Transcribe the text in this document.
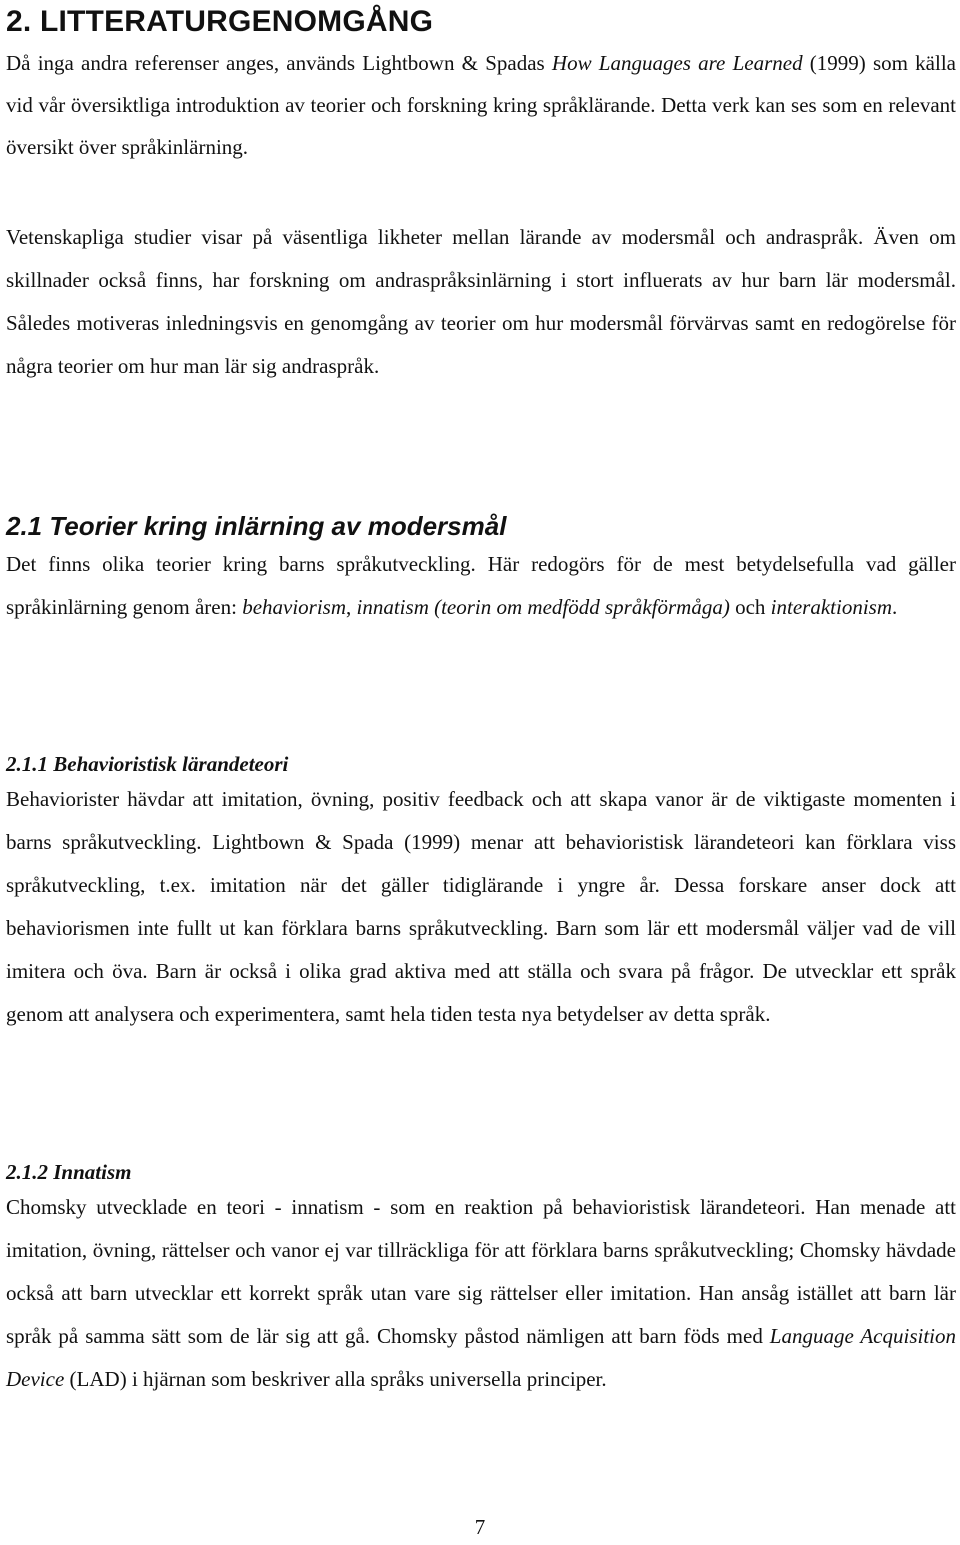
2. LITTERATURGENOMGÅNG

Då inga andra referenser anges, används Lightbown & Spadas How Languages are Learned (1999) som källa vid vår översiktliga introduktion av teorier och forskning kring språklärande. Detta verk kan ses som en relevant översikt över språkinlärning.

Vetenskapliga studier visar på väsentliga likheter mellan lärande av modersmål och andraspråk. Även om skillnader också finns, har forskning om andraspråksinlärning i stort influerats av hur barn lär modersmål. Således motiveras inledningsvis en genomgång av teorier om hur modersmål förvärvas samt en redogörelse för några teorier om hur man lär sig andraspråk.

2.1 Teorier kring inlärning av modersmål

Det finns olika teorier kring barns språkutveckling. Här redogörs för de mest betydelsefulla vad gäller språkinlärning genom åren: behaviorism, innatism (teorin om medfödd språkförmåga) och interaktionism.

2.1.1 Behavioristisk lärandeteori

Behaviorister hävdar att imitation, övning, positiv feedback och att skapa vanor är de viktigaste momenten i barns språkutveckling. Lightbown & Spada (1999) menar att behavioristisk lärandeteori kan förklara viss språkutveckling, t.ex. imitation när det gäller tidiglärande i yngre år. Dessa forskare anser dock att behaviorismen inte fullt ut kan förklara barns språkutveckling. Barn som lär ett modersmål väljer vad de vill imitera och öva. Barn är också i olika grad aktiva med att ställa och svara på frågor. De utvecklar ett språk genom att analysera och experimentera, samt hela tiden testa nya betydelser av detta språk.

2.1.2 Innatism

Chomsky utvecklade en teori - innatism - som en reaktion på behavioristisk lärandeteori. Han menade att imitation, övning, rättelser och vanor ej var tillräckliga för att förklara barns språkutveckling; Chomsky hävdade också att barn utvecklar ett korrekt språk utan vare sig rättelser eller imitation. Han ansåg istället att barn lär språk på samma sätt som de lär sig att gå. Chomsky påstod nämligen att barn föds med Language Acquisition Device (LAD) i hjärnan som beskriver alla språks universella principer.

7
